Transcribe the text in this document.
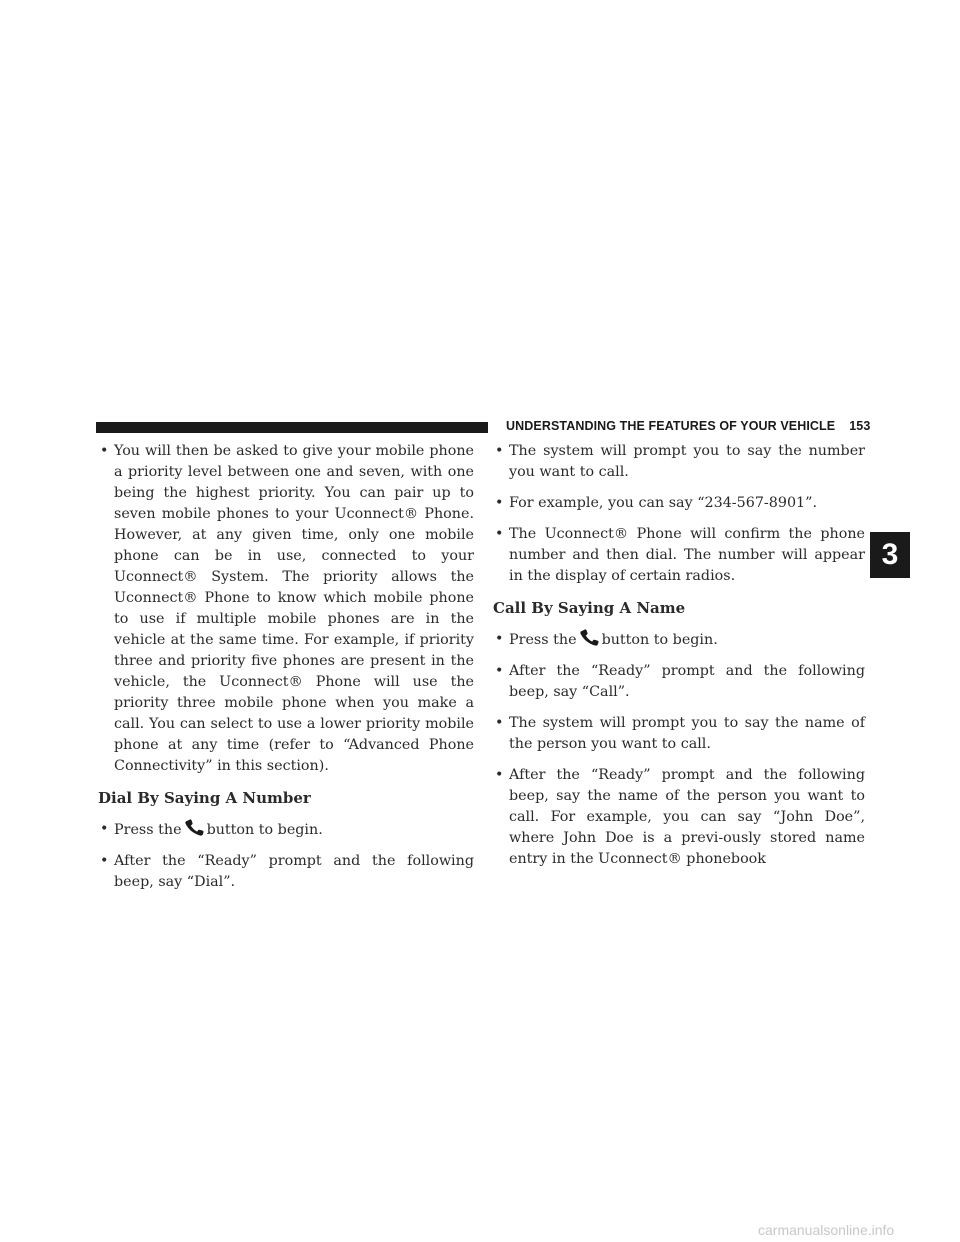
UNDERSTANDING THE FEATURES OF YOUR VEHICLE 153
3

• You will then be asked to give your mobile phone a priority level between one and seven, with one being the highest priority. You can pair up to seven mobile phones to your Uconnect® Phone. However, at any given time, only one mobile phone can be in use, connected to your Uconnect® System. The priority allows the Uconnect® Phone to know which mobile phone to use if multiple mobile phones are in the vehicle at the same time. For example, if priority three and priority five phones are present in the vehicle, the Uconnect® Phone will use the priority three mobile phone when you make a call. You can select to use a lower priority mobile phone at any time (refer to “Advanced Phone Connectivity” in this section).

Dial By Saying A Number

• Press the button to begin.

• After the “Ready” prompt and the following beep, say “Dial”.

• The system will prompt you to say the number you want to call.

• For example, you can say “234-567-8901”.

• The Uconnect® Phone will confirm the phone number and then dial. The number will appear in the display of certain radios.

Call By Saying A Name

• Press the button to begin.

• After the “Ready” prompt and the following beep, say “Call”.

• The system will prompt you to say the name of the person you want to call.

• After the “Ready” prompt and the following beep, say the name of the person you want to call. For example, you can say “John Doe”, where John Doe is a previ-ously stored name entry in the Uconnect® phonebook

carmanualsonline.info
